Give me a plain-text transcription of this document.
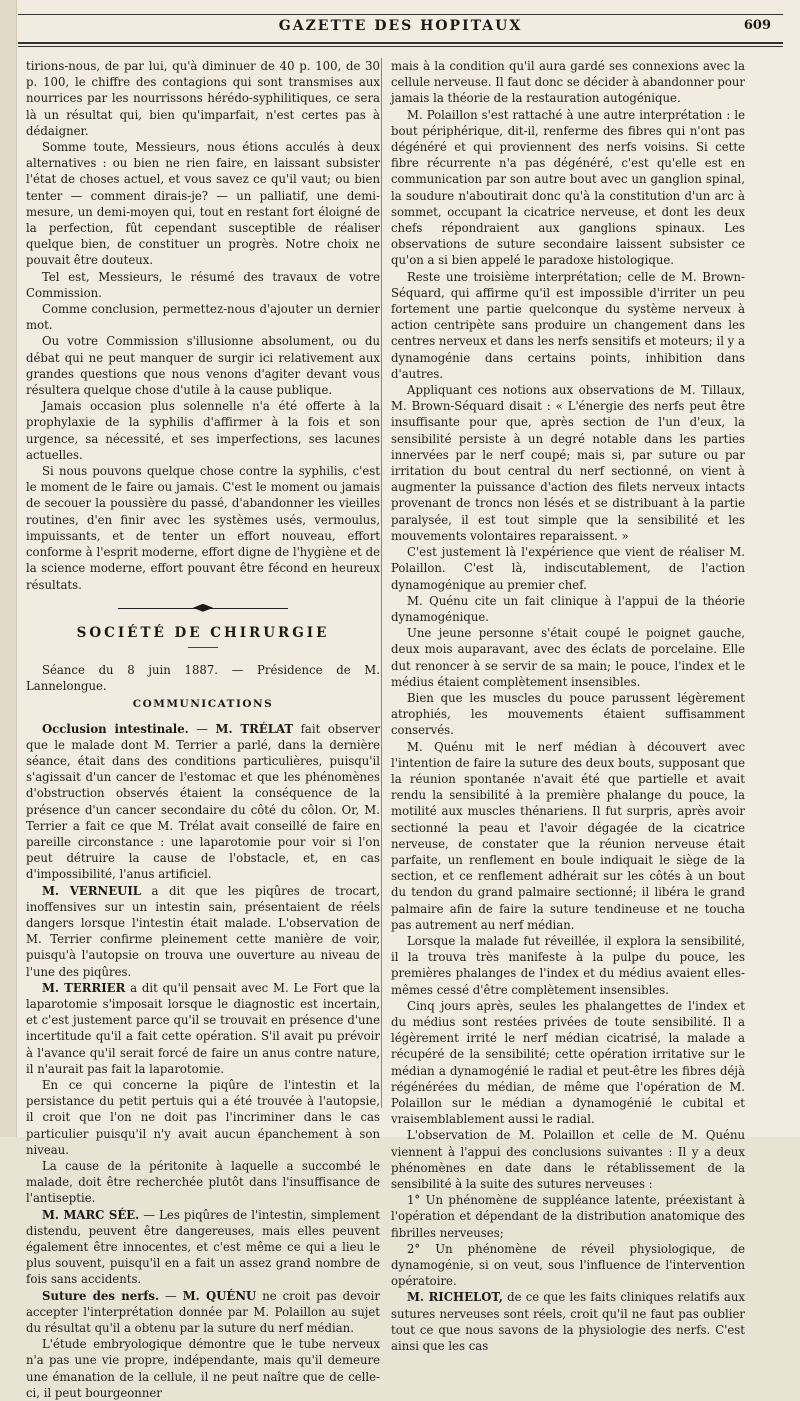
GAZETTE DES HOPITAUX	609

tirions-nous, de par lui, qu'à diminuer de 40 p. 100, de 30 p. 100, le chiffre des contagions qui sont transmises aux nourrices par les nourrissons hérédo-syphilitiques, ce sera là un résultat qui, bien qu'imparfait, n'est certes pas à dédaigner.

Somme toute, Messieurs, nous étions acculés à deux alternatives : ou bien ne rien faire, en laissant subsister l'état de choses actuel, et vous savez ce qu'il vaut; ou bien tenter — comment dirais-je? — un palliatif, une demi-mesure, un demi-moyen qui, tout en restant fort éloigné de la perfection, fût cependant susceptible de réaliser quelque bien, de constituer un progrès. Notre choix ne pouvait être douteux.

Tel est, Messieurs, le résumé des travaux de votre Commission.

Comme conclusion, permettez-nous d'ajouter un dernier mot.

Ou votre Commission s'illusionne absolument, ou du débat qui ne peut manquer de surgir ici relativement aux grandes questions que nous venons d'agiter devant vous résultera quelque chose d'utile à la cause publique.

Jamais occasion plus solennelle n'a été offerte à la prophylaxie de la syphilis d'affirmer à la fois et son urgence, sa nécessité, et ses imperfections, ses lacunes actuelles.

Si nous pouvons quelque chose contre la syphilis, c'est le moment de le faire ou jamais. C'est le moment ou jamais de secouer la poussière du passé, d'abandonner les vieilles routines, d'en finir avec les systèmes usés, vermoulus, impuissants, et de tenter un effort nouveau, effort conforme à l'esprit moderne, effort digne de l'hygiène et de la science moderne, effort pouvant être fécond en heureux résultats.

SOCIÉTÉ DE CHIRURGIE

Séance du 8 juin 1887. — Présidence de M. Lannelongue.

COMMUNICATIONS

Occlusion intestinale. — M. TRÉLAT fait observer que le malade dont M. Terrier a parlé, dans la dernière séance, était dans des conditions particulières, puisqu'il s'agissait d'un cancer de l'estomac et que les phénomènes d'obstruction observés étaient la conséquence de la présence d'un cancer secondaire du côté du côlon. Or, M. Terrier a fait ce que M. Trélat avait conseillé de faire en pareille circonstance : une laparotomie pour voir si l'on peut détruire la cause de l'obstacle, et, en cas d'impossibilité, l'anus artificiel.

M. VERNEUIL a dit que les piqûres de trocart, inoffensives sur un intestin sain, présentaient de réels dangers lorsque l'intestin était malade. L'observation de M. Terrier confirme pleinement cette manière de voir, puisqu'à l'autopsie on trouva une ouverture au niveau de l'une des piqûres.

M. TERRIER a dit qu'il pensait avec M. Le Fort que la laparotomie s'imposait lorsque le diagnostic est incertain, et c'est justement parce qu'il se trouvait en présence d'une incertitude qu'il a fait cette opération. S'il avait pu prévoir à l'avance qu'il serait forcé de faire un anus contre nature, il n'aurait pas fait la laparotomie.

En ce qui concerne la piqûre de l'intestin et la persistance du petit pertuis qui a été trouvée à l'autopsie, il croit que l'on ne doit pas l'incriminer dans le cas particulier puisqu'il n'y avait aucun épanchement à son niveau.

La cause de la péritonite à laquelle a succombé le malade, doit être recherchée plutôt dans l'insuffisance de l'antiseptie.

M. MARC SÉE. — Les piqûres de l'intestin, simplement distendu, peuvent être dangereuses, mais elles peuvent également être innocentes, et c'est même ce qui a lieu le plus souvent, puisqu'il en a fait un assez grand nombre de fois sans accidents.

Suture des nerfs. — M. QUÉNU ne croit pas devoir accepter l'interprétation donnée par M. Polaillon au sujet du résultat qu'il a obtenu par la suture du nerf médian.

L'étude embryologique démontre que le tube nerveux n'a pas une vie propre, indépendante, mais qu'il demeure une émanation de la cellule, il ne peut naître que de celle-ci, il peut bourgeonner

mais à la condition qu'il aura gardé ses connexions avec la cellule nerveuse. Il faut donc se décider à abandonner pour jamais la théorie de la restauration autogénique.

M. Polaillon s'est rattaché à une autre interprétation : le bout périphérique, dit-il, renferme des fibres qui n'ont pas dégénéré et qui proviennent des nerfs voisins. Si cette fibre récurrente n'a pas dégénéré, c'est qu'elle est en communication par son autre bout avec un ganglion spinal, la soudure n'aboutirait donc qu'à la constitution d'un arc à sommet, occupant la cicatrice nerveuse, et dont les deux chefs répondraient aux ganglions spinaux. Les observations de suture secondaire laissent subsister ce qu'on a si bien appelé le paradoxe histologique.

Reste une troisième interprétation; celle de M. Brown-Séquard, qui affirme qu'il est impossible d'irriter un peu fortement une partie quelconque du système nerveux à action centripète sans produire un changement dans les centres nerveux et dans les nerfs sensitifs et moteurs; il y a dynamogénie dans certains points, inhibition dans d'autres.

Appliquant ces notions aux observations de M. Tillaux, M. Brown-Séquard disait : « L'énergie des nerfs peut être insuffisante pour que, après section de l'un d'eux, la sensibilité persiste à un degré notable dans les parties innervées par le nerf coupé; mais si, par suture ou par irritation du bout central du nerf sectionné, on vient à augmenter la puissance d'action des filets nerveux intacts provenant de troncs non lésés et se distribuant à la partie paralysée, il est tout simple que la sensibilité et les mouvements volontaires reparaissent. »

C'est justement là l'expérience que vient de réaliser M. Polaillon. C'est là, indiscutablement, de l'action dynamogénique au premier chef.

M. Quénu cite un fait clinique à l'appui de la théorie dynamogénique.

Une jeune personne s'était coupé le poignet gauche, deux mois auparavant, avec des éclats de porcelaine. Elle dut renoncer à se servir de sa main; le pouce, l'index et le médius étaient complètement insensibles.

Bien que les muscles du pouce parussent légèrement atrophiés, les mouvements étaient suffisamment conservés.

M. Quénu mit le nerf médian à découvert avec l'intention de faire la suture des deux bouts, supposant que la réunion spontanée n'avait été que partielle et avait rendu la sensibilité à la première phalange du pouce, la motilité aux muscles thénariens. Il fut surpris, après avoir sectionné la peau et l'avoir dégagée de la cicatrice nerveuse, de constater que la réunion nerveuse était parfaite, un renflement en boule indiquait le siège de la section, et ce renflement adhérait sur les côtés à un bout du tendon du grand palmaire sectionné; il libéra le grand palmaire afin de faire la suture tendineuse et ne toucha pas autrement au nerf médian.

Lorsque la malade fut réveillée, il explora la sensibilité, il la trouva très manifeste à la pulpe du pouce, les premières phalanges de l'index et du médius avaient elles-mêmes cessé d'être complètement insensibles.

Cinq jours après, seules les phalangettes de l'index et du médius sont restées privées de toute sensibilité. Il a légèrement irrité le nerf médian cicatrisé, la malade a récupéré de la sensibilité; cette opération irritative sur le médian a dynamogénié le radial et peut-être les fibres déjà régénérées du médian, de même que l'opération de M. Polaillon sur le médian a dynamogénié le cubital et vraisemblablement aussi le radial.

L'observation de M. Polaillon et celle de M. Quénu viennent à l'appui des conclusions suivantes : Il y a deux phénomènes en date dans le rétablissement de la sensibilité à la suite des sutures nerveuses :

1° Un phénomène de suppléance latente, préexistant à l'opération et dépendant de la distribution anatomique des fibrilles nerveuses;

2° Un phénomène de réveil physiologique, de dynamogénie, si on veut, sous l'influence de l'intervention opératoire.

M. RICHELOT, de ce que les faits cliniques relatifs aux sutures nerveuses sont réels, croit qu'il ne faut pas oublier tout ce que nous savons de la physiologie des nerfs. C'est ainsi que les cas
